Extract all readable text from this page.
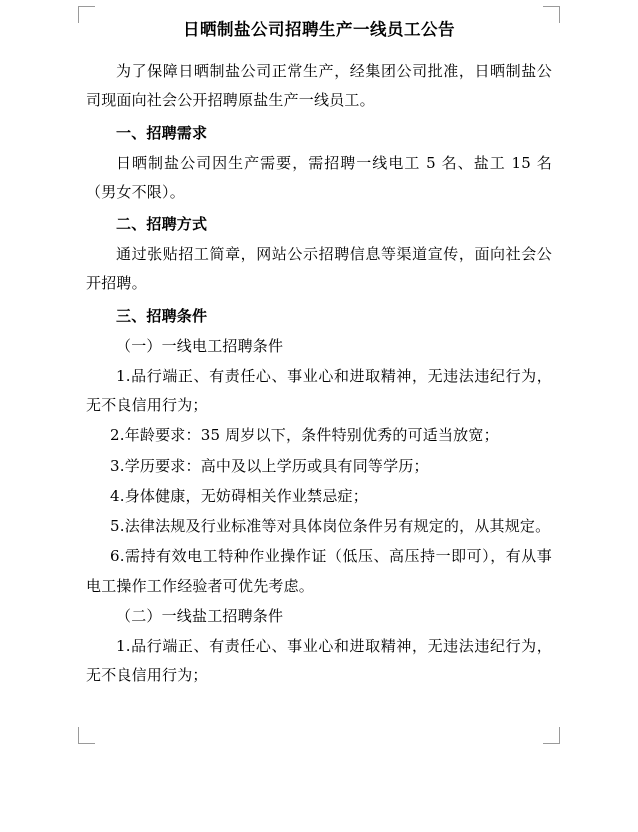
日晒制盐公司招聘生产一线员工公告

为了保障日晒制盐公司正常生产，经集团公司批准，日晒制盐公司现面向社会公开招聘原盐生产一线员工。

一、招聘需求

日晒制盐公司因生产需要，需招聘一线电工 5 名、盐工 15 名（男女不限）。

二、招聘方式

通过张贴招工简章，网站公示招聘信息等渠道宣传，面向社会公开招聘。

三、招聘条件

（一）一线电工招聘条件

1.品行端正、有责任心、事业心和进取精神，无违法违纪行为，无不良信用行为；

2.年龄要求：35 周岁以下，条件特别优秀的可适当放宽；

3.学历要求：高中及以上学历或具有同等学历；

4.身体健康，无妨碍相关作业禁忌症；

5.法律法规及行业标准等对具体岗位条件另有规定的，从其规定。

6.需持有效电工特种作业操作证（低压、高压持一即可），有从事电工操作工作经验者可优先考虑。

（二）一线盐工招聘条件

1.品行端正、有责任心、事业心和进取精神，无违法违纪行为，无不良信用行为；
